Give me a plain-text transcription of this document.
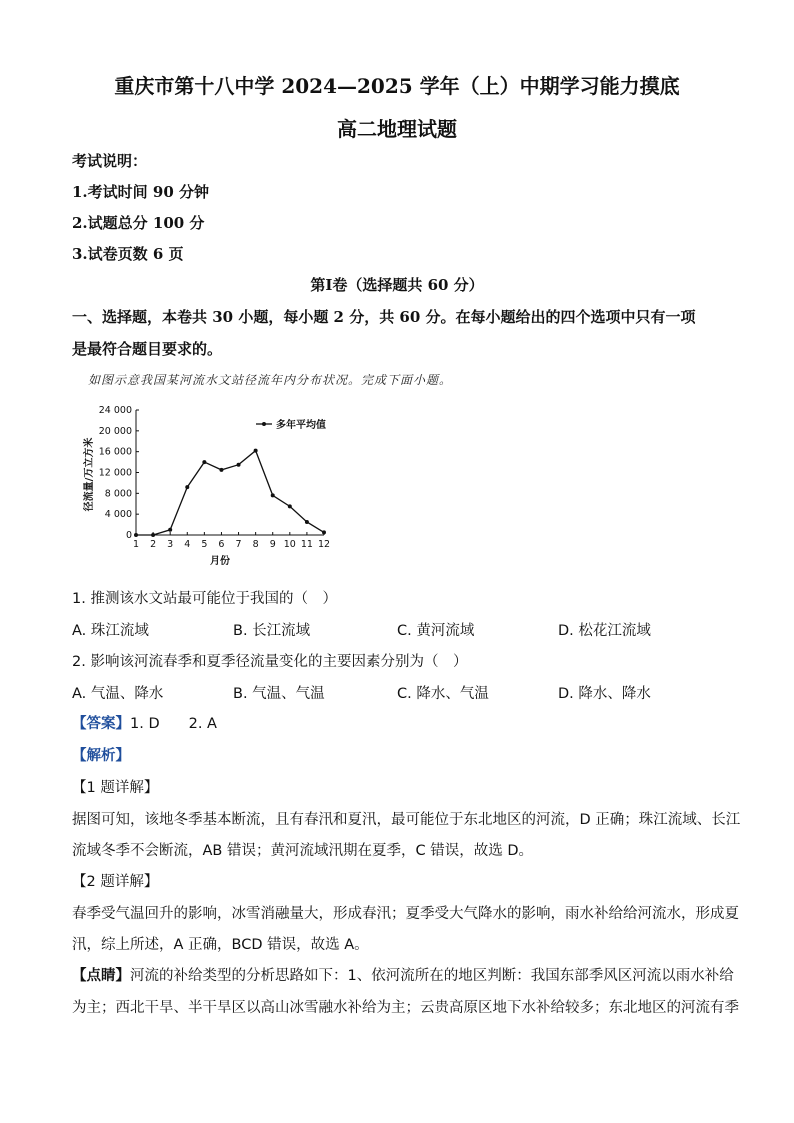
重庆市第十八中学 2024—2025 学年（上）中期学习能力摸底
高二地理试题
考试说明：
1.考试时间 90 分钟
2.试题总分 100 分
3.试卷页数 6 页
第Ⅰ卷（选择题共 60 分）
一、选择题，本卷共 30 小题，每小题 2 分，共 60 分。在每小题给出的四个选项中只有一项
是最符合题目要求的。
如图示意我国某河流水文站径流年内分布状况。完成下面小题。
0
4 000
8 000
12 000
16 000
20 000
24 000
1 2 3 4 5 6 7 8 9 10 11 12
月份
径流量/万立方米
多年平均值
1. 推测该水文站最可能位于我国的（　）
A. 珠江流域	B. 长江流域	C. 黄河流域	D. 松花江流域
2. 影响该河流春季和夏季径流量变化的主要因素分别为（　）
A. 气温、降水	B. 气温、气温	C. 降水、气温	D. 降水、降水
【答案】1. D　　2. A
【解析】
【1 题详解】
据图可知，该地冬季基本断流，且有春汛和夏汛，最可能位于东北地区的河流，D 正确；珠江流域、长江
流域冬季不会断流，AB 错误；黄河流域汛期在夏季，C 错误，故选 D。
【2 题详解】
春季受气温回升的影响，冰雪消融量大，形成春汛；夏季受大气降水的影响，雨水补给给河流水，形成夏
汛，综上所述，A 正确，BCD 错误，故选 A。
【点睛】河流的补给类型的分析思路如下：1、依河流所在的地区判断：我国东部季风区河流以雨水补给
为主；西北干旱、半干旱区以高山冰雪融水补给为主；云贵高原区地下水补给较多；东北地区的河流有季
